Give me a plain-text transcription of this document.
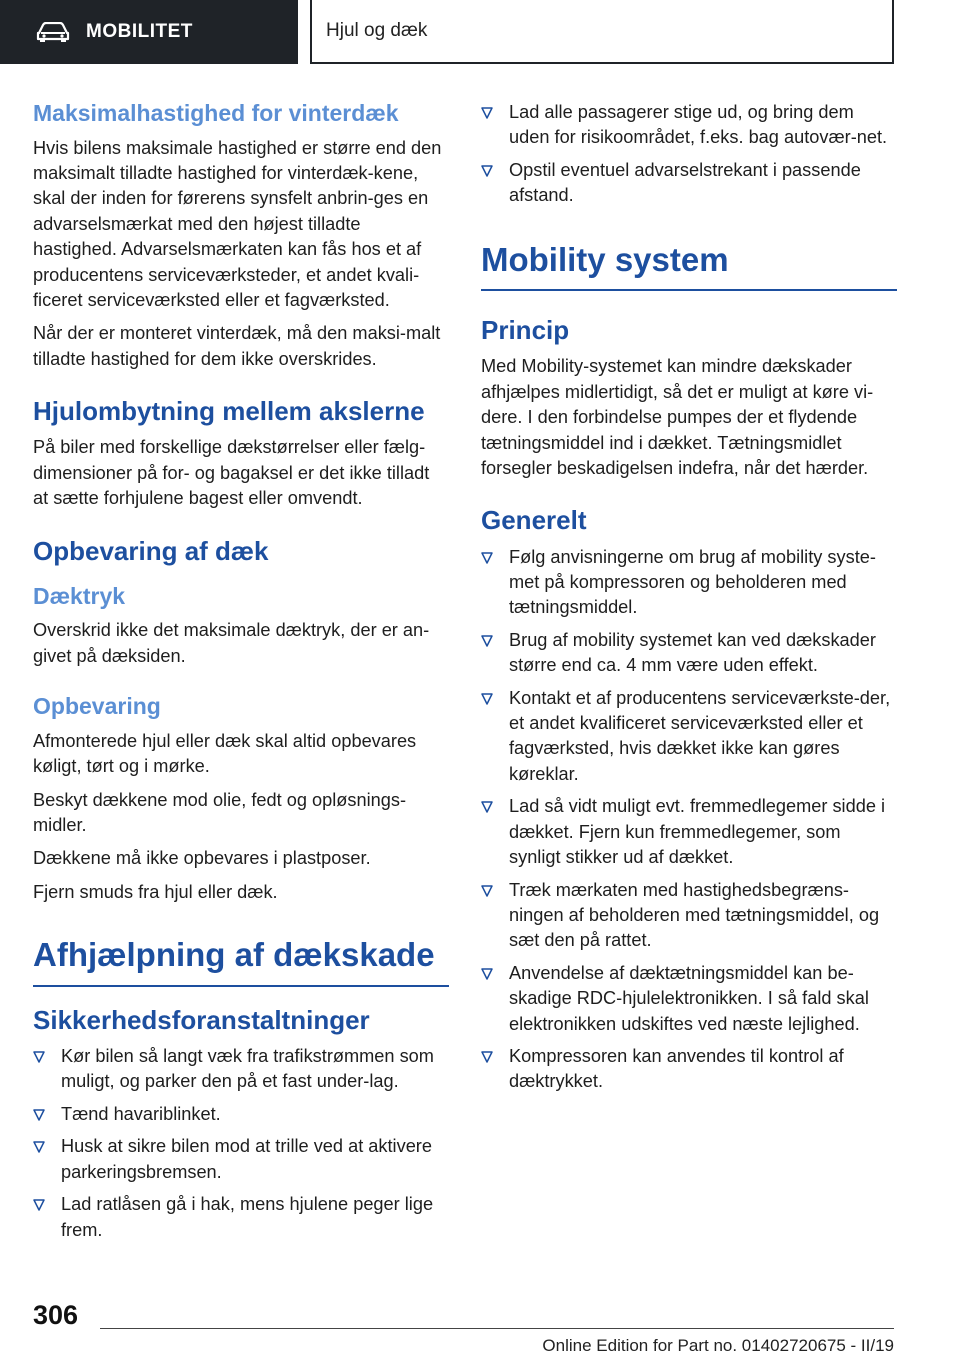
MOBILITET	Hjul og dæk
Maksimalhastighed for vinterdæk

Hvis bilens maksimale hastighed er større end den maksimalt tilladte hastighed for vinterdæk-kene, skal der inden for førerens synsfelt anbrin-ges en advarselsmærkat med den højest tilladte hastighed. Advarselsmærkaten kan fås hos et af producentens serviceværksteder, et andet kvali-ficeret serviceværksted eller et fagværksted.

Når der er monteret vinterdæk, må den maksi-malt tilladte hastighed for dem ikke overskrides.

Hjulombytning mellem akslerne

På biler med forskellige dækstørrelser eller fælg-dimensioner på for- og bagaksel er det ikke tilladt at sætte forhjulene bagest eller omvendt.

Opbevaring af dæk
Dæktryk

Overskrid ikke det maksimale dæktryk, der er an-givet på dæksiden.

Opbevaring

Afmonterede hjul eller dæk skal altid opbevares køligt, tørt og i mørke.

Beskyt dækkene mod olie, fedt og opløsnings-midler.

Dækkene må ikke opbevares i plastposer.

Fjern smuds fra hjul eller dæk.

Afhjælpning af dækskade
Sikkerhedsforanstaltninger
Kør bilen så langt væk fra trafikstrømmen som muligt, og parker den på et fast under-lag.
Tænd havariblinket.
Husk at sikre bilen mod at trille ved at aktivere parkeringsbremsen.
Lad ratlåsen gå i hak, mens hjulene peger lige frem.
Lad alle passagerer stige ud, og bring dem uden for risikoområdet, f.eks. bag autovær-net.
Opstil eventuel advarselstrekant i passende afstand.
Mobility system
Princip

Med Mobility-systemet kan mindre dækskader afhjælpes midlertidigt, så det er muligt at køre vi-dere. I den forbindelse pumpes der et flydende tætningsmiddel ind i dækket. Tætningsmidlet forsegler beskadigelsen indefra, når det hærder.

Generelt
Følg anvisningerne om brug af mobility syste-met på kompressoren og beholderen med tætningsmiddel.
Brug af mobility systemet kan ved dækskader større end ca. 4 mm være uden effekt.
Kontakt et af producentens serviceværkste-der, et andet kvalificeret serviceværksted eller et fagværksted, hvis dækket ikke kan gøres køreklar.
Lad så vidt muligt evt. fremmedlegemer sidde i dækket. Fjern kun fremmedlegemer, som synligt stikker ud af dækket.
Træk mærkaten med hastighedsbegræns-ningen af beholderen med tætningsmiddel, og sæt den på rattet.
Anvendelse af dæktætningsmiddel kan be-skadige RDC-hjulelektronikken. I så fald skal elektronikken udskiftes ved næste lejlighed.
Kompressoren kan anvendes til kontrol af dæktrykket.
306
Online Edition for Part no. 01402720675 - II/19
